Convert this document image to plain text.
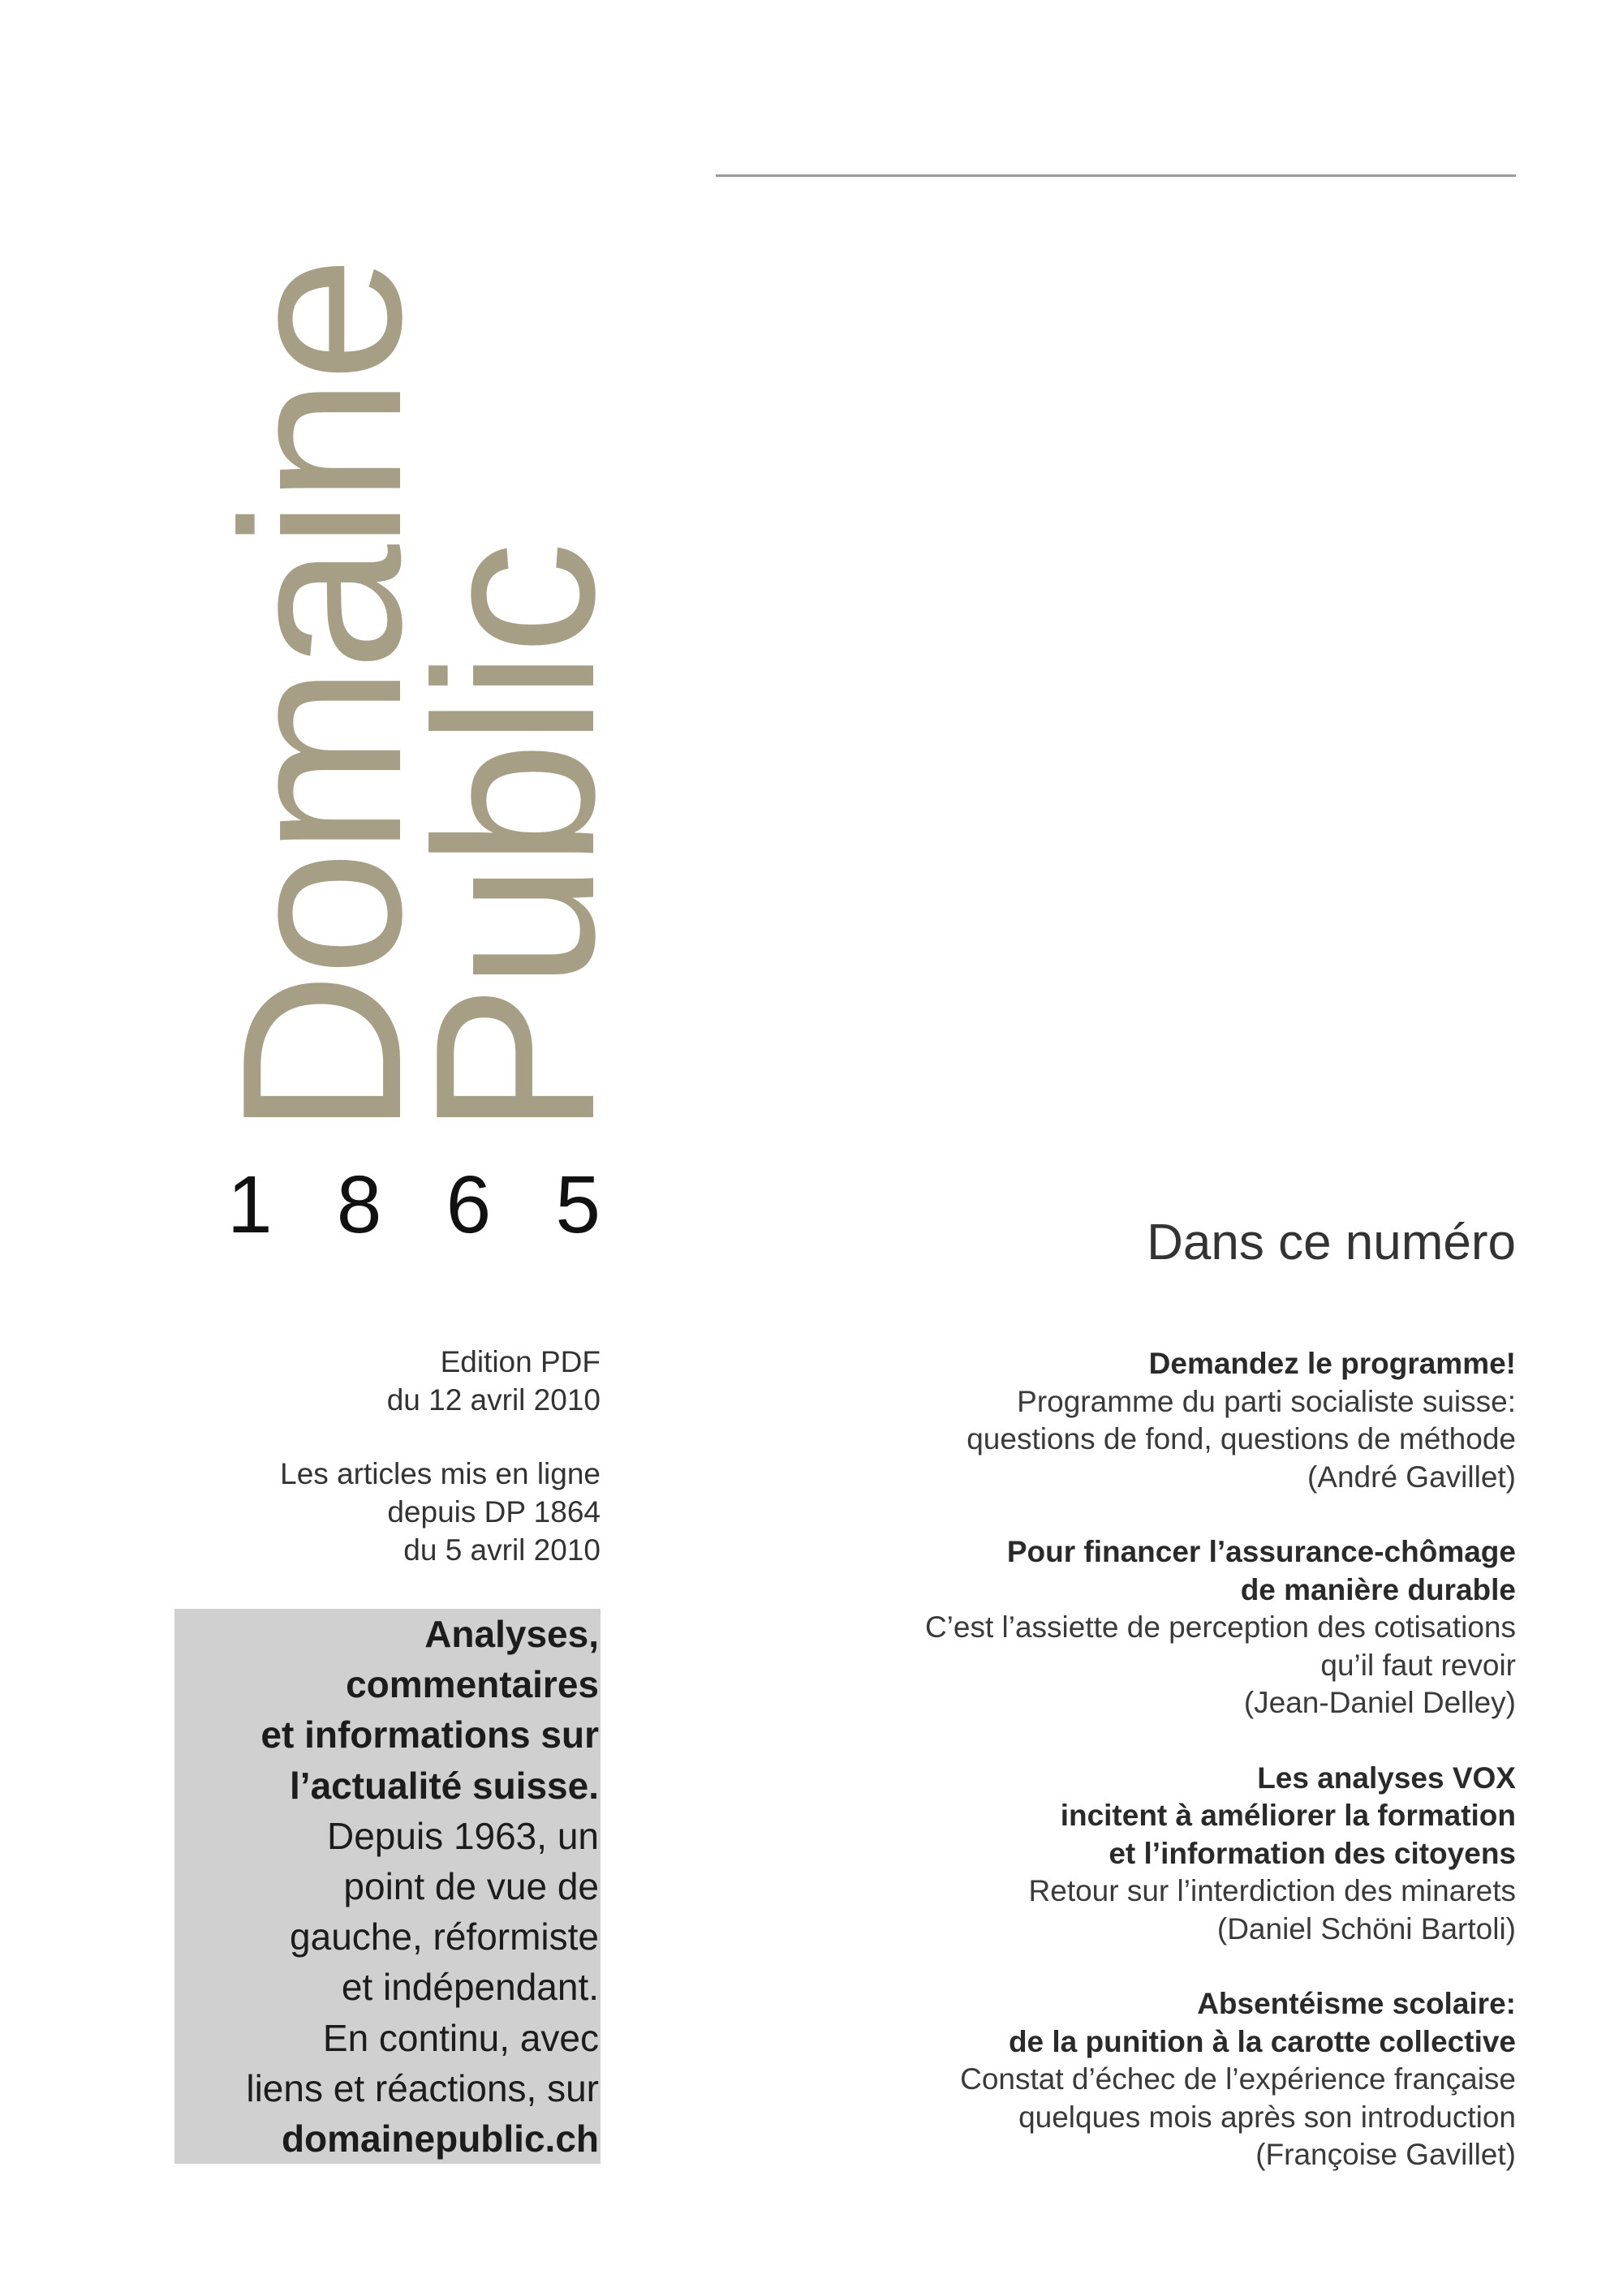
Domaine
Public
1 8 6 5
Edition PDF
du 12 avril 2010
Les articles mis en ligne
depuis DP 1864
du 5 avril 2010
Analyses,
commentaires
et informations sur
l’actualité suisse.
Depuis 1963, un
point de vue de
gauche, réformiste
et indépendant.
En continu, avec
liens et réactions, sur
domainepublic.ch
Dans ce numéro
Demandez le programme!
Programme du parti socialiste suisse:
questions de fond, questions de méthode
(André Gavillet)
Pour financer l’assurance-chômage
de manière durable
C’est l’assiette de perception des cotisations
qu’il faut revoir
(Jean-Daniel Delley)
Les analyses VOX
incitent à améliorer la formation
et l’information des citoyens
Retour sur l’interdiction des minarets
(Daniel Schöni Bartoli)
Absentéisme scolaire:
de la punition à la carotte collective
Constat d’échec de l’expérience française
quelques mois après son introduction
(Françoise Gavillet)
